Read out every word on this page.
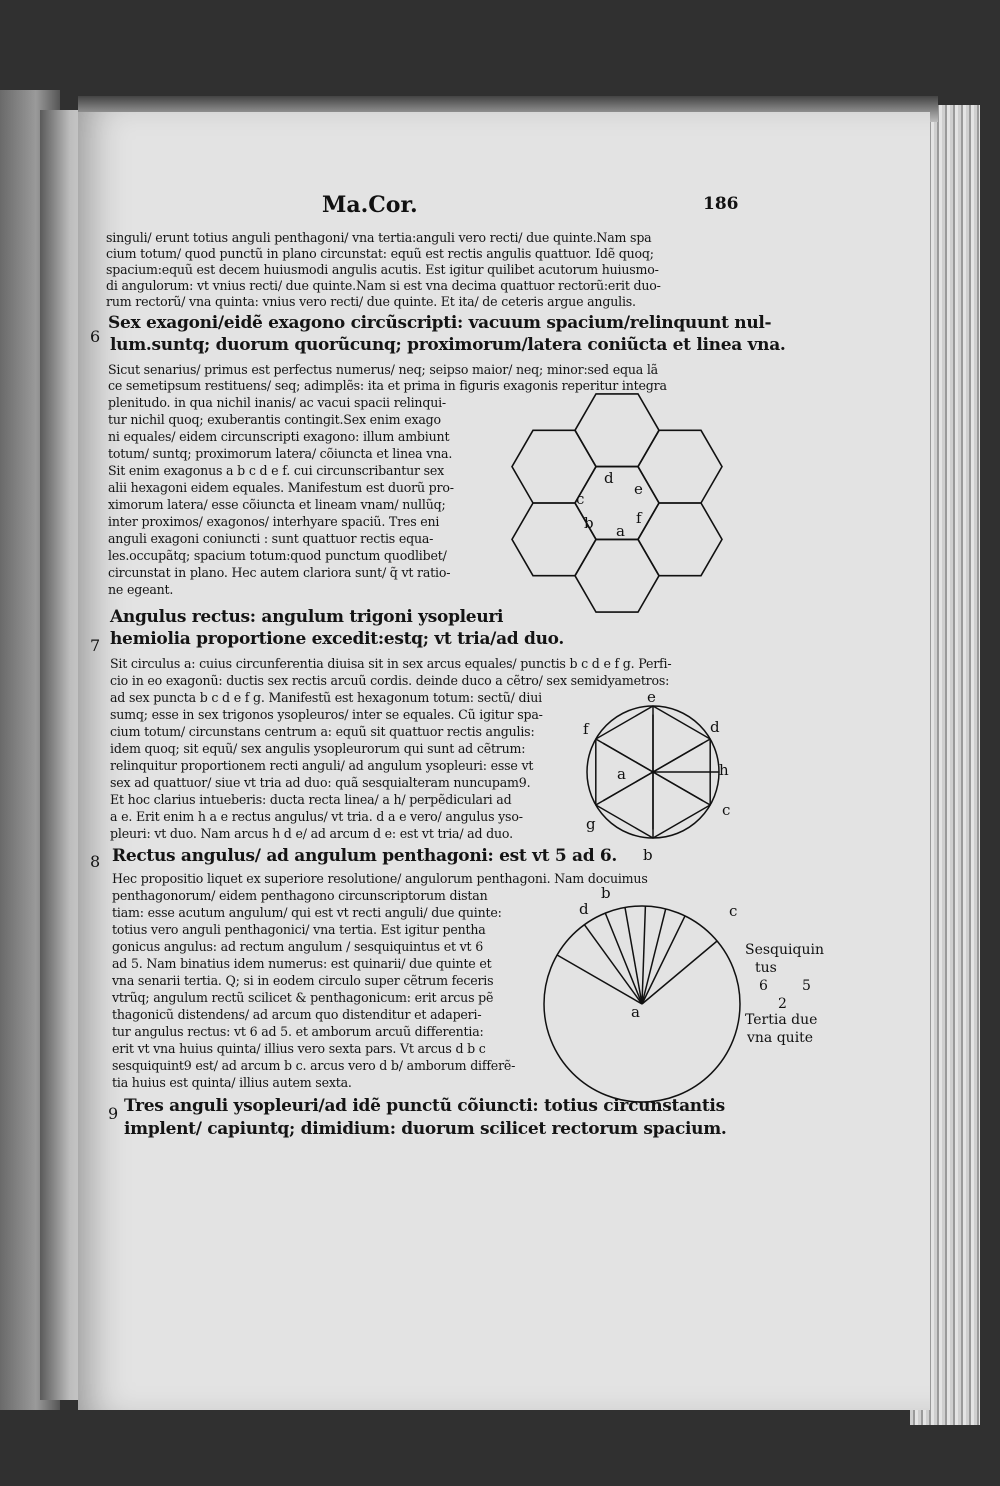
Ma.Cor.	186
singuli/ erunt totius anguli penthagoni/ vna tertia:anguli vero recti/ due quinte.Nam spa
cium totum/ quod punctũ in plano circunstat: equũ est rectis angulis quattuor. Idẽ quoq;
spacium:equũ est decem huiusmodi angulis acutis. Est igitur quilibet acutorum huiusmo-
di angulorum: vt vnius recti/ due quinte.Nam si est vna decima quattuor rectorũ:erit duo-
rum rectorũ/ vna quinta: vnius vero recti/ due quinte. Et ita/ de ceteris argue angulis.
6
Sex exagoni/eidẽ exagono circũscripti: vacuum spacium/relinquunt nul-
lum.suntq; duorum quorũcunq; proximorum/latera coniũcta et linea vna.
Sicut senarius/ primus est perfectus numerus/ neq; seipso maior/ neq; minor:sed equa lã
ce semetipsum restituens/ seq; adimplẽs: ita et prima in figuris exagonis reperitur integra
plenitudo. in qua nichil inanis/ ac vacui spacii relinqui-
tur nichil quoq; exuberantis contingit.Sex enim exago
ni equales/ eidem circunscripti exagono: illum ambiunt
totum/ suntq; proximorum latera/ cõiuncta et linea vna.
Sit enim exagonus a b c d e f. cui circunscribantur sex
alii hexagoni eidem equales. Manifestum est duorũ pro-
ximorum latera/ esse cõiuncta et lineam vnam/ nullũq;
inter proximos/ exagonos/ interhyare spaciũ. Tres eni
anguli exagoni coniuncti : sunt quattuor rectis equa-
les.occupãtq; spacium totum:quod punctum quodlibet/
circunstat in plano. Hec autem clariora sunt/ q̃ vt ratio-
ne egeant.
d
e
c
f
b a
7
Angulus rectus: angulum trigoni ysopleuri
hemiolia proportione excedit:estq; vt tria/ad duo.
Sit circulus a: cuius circunferentia diuisa sit in sex arcus equales/ punctis b c d e f g. Perfi-
cio in eo exagonũ: ductis sex rectis arcuũ cordis. deinde duco a cẽtro/ sex semidyametros:
ad sex puncta b c d e f g. Manifestũ est hexagonum totum: sectũ/ diui
sumq; esse in sex trigonos ysopleuros/ inter se equales. Cũ igitur spa-
cium totum/ circunstans centrum a: equũ sit quattuor rectis angulis:
idem quoq; sit equũ/ sex angulis ysopleurorum qui sunt ad cẽtrum:
relinquitur proportionem recti anguli/ ad angulum ysopleuri: esse vt
sex ad quattuor/ siue vt tria ad duo: quã sesquialteram nuncupam9.
Et hoc clarius intueberis: ducta recta linea/ a h/ perpẽdiculari ad
a e. Erit enim h a e rectus angulus/ vt tria. d a e vero/ angulus yso-
pleuri: vt duo. Nam arcus h d e/ ad arcum d e: est vt tria/ ad duo.
e
d
f
h
a
c
g
b
8 Rectus angulus/ ad angulum penthagoni: est vt 5 ad 6.
Hec propositio liquet ex superiore resolutione/ angulorum penthagoni. Nam docuimus
penthagonorum/ eidem penthagono circunscriptorum distan
tiam: esse acutum angulum/ qui est vt recti anguli/ due quinte:
totius vero anguli penthagonici/ vna tertia. Est igitur pentha
gonicus angulus: ad rectum angulum / sesquiquintus et vt 6
ad 5. Nam binatius idem numerus: est quinarii/ due quinte et
vna senarii tertia. Q; si in eodem circulo super cẽtrum feceris
vtrũq; angulum rectũ scilicet & penthagonicum: erit arcus pẽ
thagonicũ distendens/ ad arcum quo distenditur et adaperi-
tur angulus rectus: vt 6 ad 5. et amborum arcuũ differentia:
erit vt vna huius quinta/ illius vero sexta pars. Vt arcus d b c
sesquiquint9 est/ ad arcum b c. arcus vero d b/ amborum differẽ-
tia huius est quinta/ illius autem sexta.
d
b
c
a
Sesquiquin
tus
6 5
2
Tertia due
vna quite
9 Tres anguli ysopleuri/ad idẽ punctũ cõiuncti: totius circunstantis
implent/ capiuntq; dimidium: duorum scilicet rectorum spacium.
